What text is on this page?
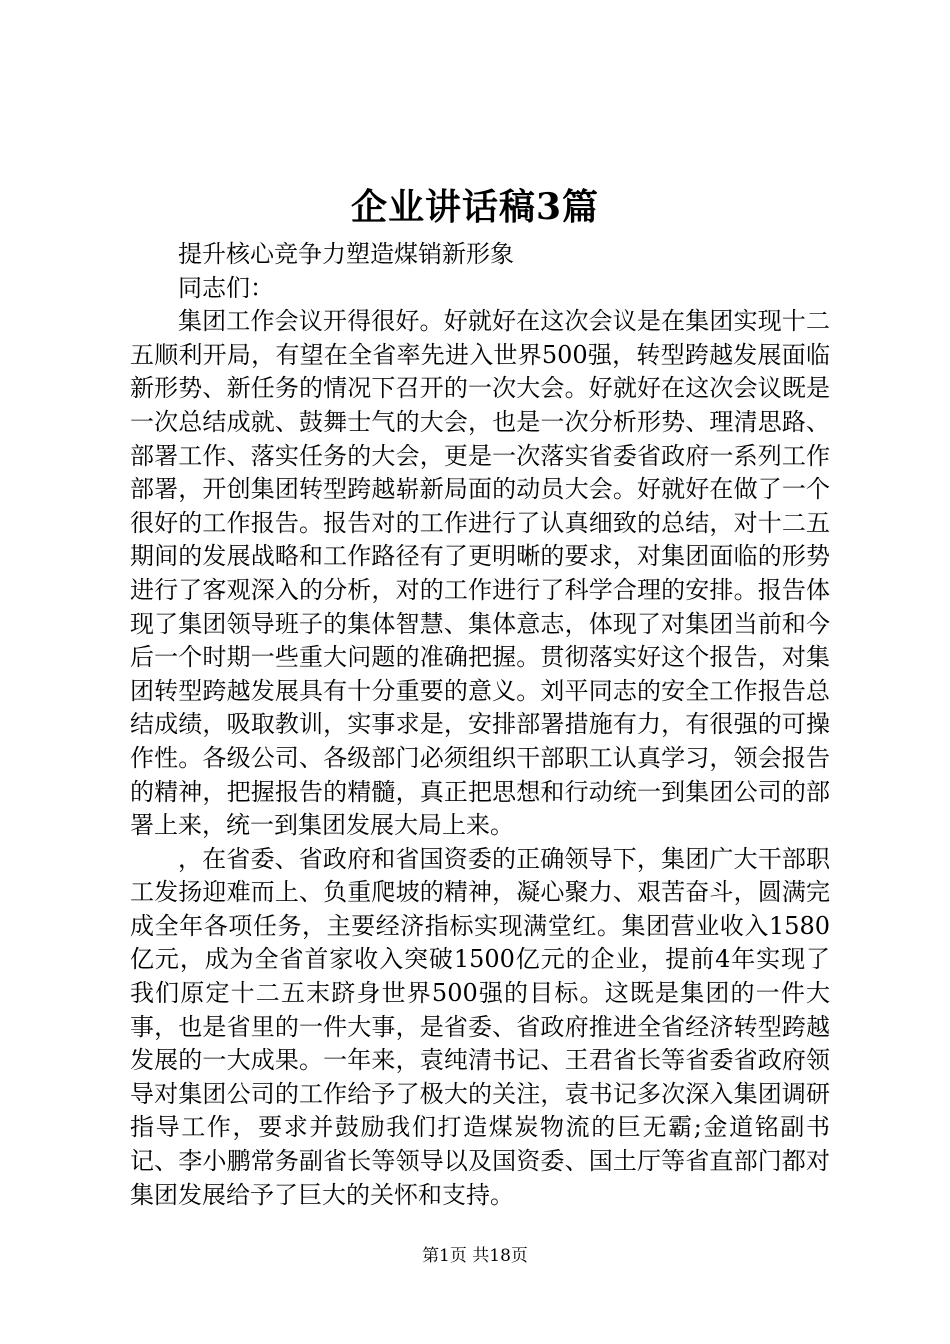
企业讲话稿3篇

提升核心竞争力塑造煤销新形象

同志们：

集团工作会议开得很好。好就好在这次会议是在集团实现十二五顺利开局，有望在全省率先进入世界500强，转型跨越发展面临新形势、新任务的情况下召开的一次大会。好就好在这次会议既是一次总结成就、鼓舞士气的大会，也是一次分析形势、理清思路、部署工作、落实任务的大会，更是一次落实省委省政府一系列工作部署，开创集团转型跨越崭新局面的动员大会。好就好在做了一个很好的工作报告。报告对的工作进行了认真细致的总结，对十二五期间的发展战略和工作路径有了更明晰的要求，对集团面临的形势进行了客观深入的分析，对的工作进行了科学合理的安排。报告体现了集团领导班子的集体智慧、集体意志，体现了对集团当前和今后一个时期一些重大问题的准确把握。贯彻落实好这个报告，对集团转型跨越发展具有十分重要的意义。刘平同志的安全工作报告总结成绩，吸取教训，实事求是，安排部署措施有力，有很强的可操作性。各级公司、各级部门必须组织干部职工认真学习，领会报告的精神，把握报告的精髓，真正把思想和行动统一到集团公司的部署上来，统一到集团发展大局上来。

，在省委、省政府和省国资委的正确领导下，集团广大干部职工发扬迎难而上、负重爬坡的精神，凝心聚力、艰苦奋斗，圆满完成全年各项任务，主要经济指标实现满堂红。集团营业收入1580亿元，成为全省首家收入突破1500亿元的企业，提前4年实现了我们原定十二五末跻身世界500强的目标。这既是集团的一件大事，也是省里的一件大事，是省委、省政府推进全省经济转型跨越发展的一大成果。一年来，袁纯清书记、王君省长等省委省政府领导对集团公司的工作给予了极大的关注，袁书记多次深入集团调研指导工作，要求并鼓励我们打造煤炭物流的巨无霸;金道铭副书记、李小鹏常务副省长等领导以及国资委、国土厅等省直部门都对集团发展给予了巨大的关怀和支持。

第1页 共18页
